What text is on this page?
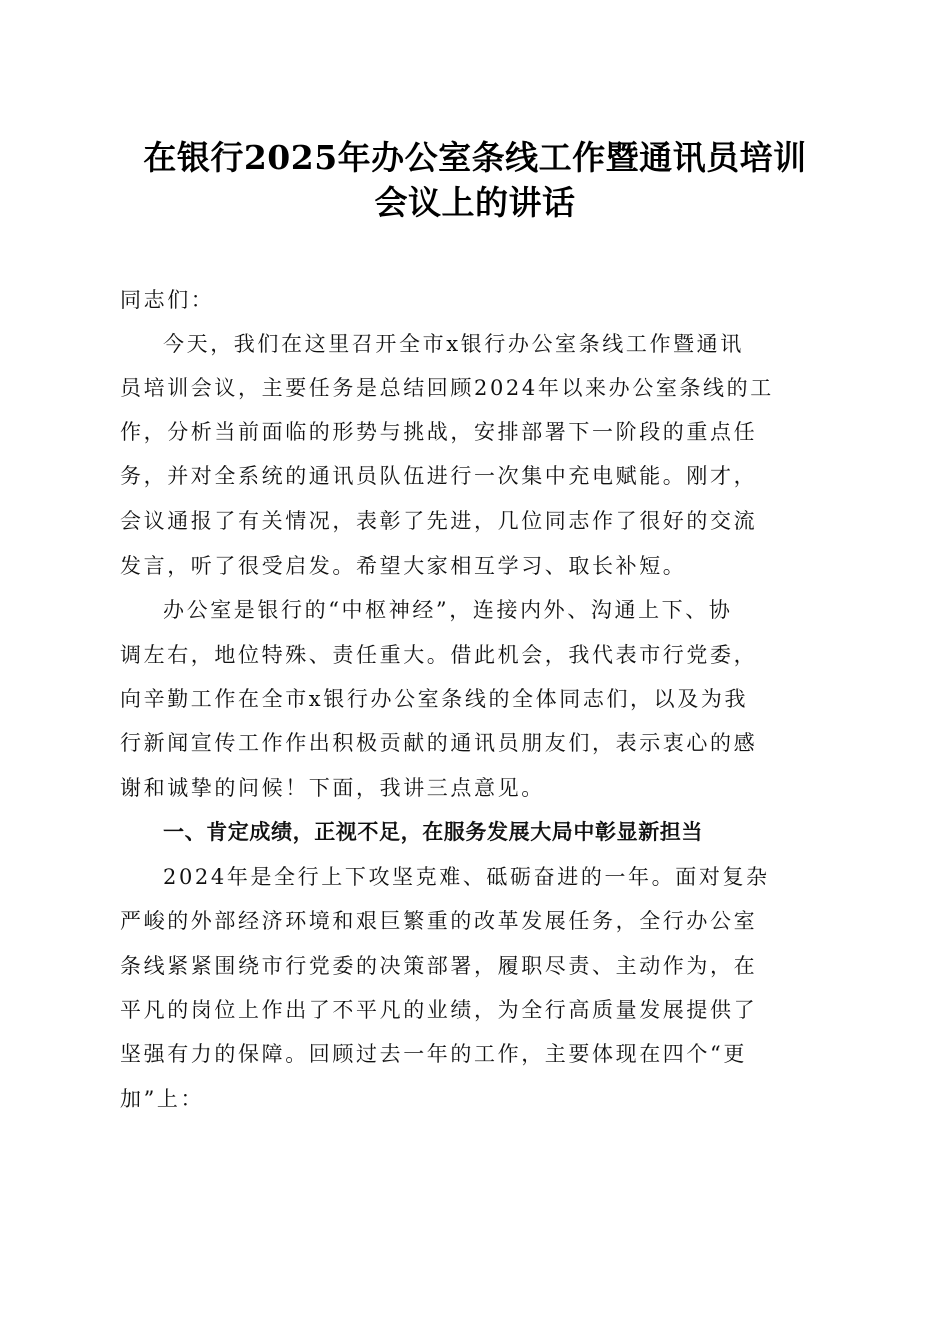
在银行2025年办公室条线工作暨通讯员培训
会议上的讲话
同志们：
今天，我们在这里召开全市x银行办公室条线工作暨通讯
员培训会议，主要任务是总结回顾2024年以来办公室条线的工
作，分析当前面临的形势与挑战，安排部署下一阶段的重点任
务，并对全系统的通讯员队伍进行一次集中充电赋能。刚才，
会议通报了有关情况，表彰了先进，几位同志作了很好的交流
发言，听了很受启发。希望大家相互学习、取长补短。
办公室是银行的“中枢神经”，连接内外、沟通上下、协
调左右，地位特殊、责任重大。借此机会，我代表市行党委，
向辛勤工作在全市x银行办公室条线的全体同志们，以及为我
行新闻宣传工作作出积极贡献的通讯员朋友们，表示衷心的感
谢和诚挚的问候！下面，我讲三点意见。
一、肯定成绩，正视不足，在服务发展大局中彰显新担当
2024年是全行上下攻坚克难、砥砺奋进的一年。面对复杂
严峻的外部经济环境和艰巨繁重的改革发展任务，全行办公室
条线紧紧围绕市行党委的决策部署，履职尽责、主动作为，在
平凡的岗位上作出了不平凡的业绩，为全行高质量发展提供了
坚强有力的保障。回顾过去一年的工作，主要体现在四个“更
加”上：
